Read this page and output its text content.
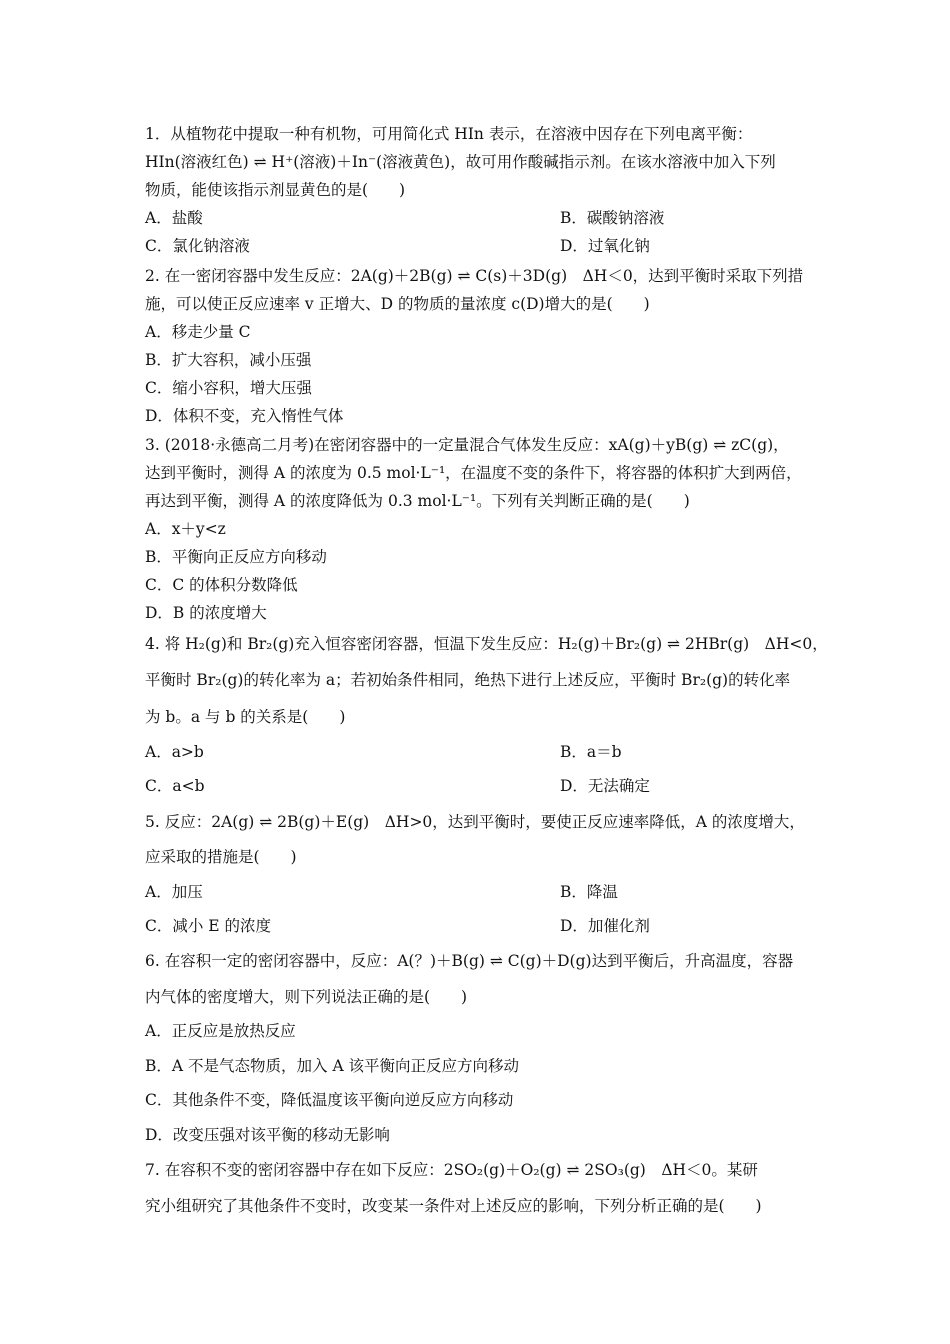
1．从植物花中提取一种有机物，可用简化式 HIn 表示，在溶液中因存在下列电离平衡：
HIn(溶液红色) ⇌ H⁺(溶液)＋In⁻(溶液黄色)，故可用作酸碱指示剂。在该水溶液中加入下列
物质，能使该指示剂显黄色的是(　　)
A．盐酸	B．碳酸钠溶液
C．氯化钠溶液	D．过氧化钠
2. 在一密闭容器中发生反应：2A(g)＋2B(g) ⇌ C(s)＋3D(g)　ΔH＜0，达到平衡时采取下列措
施，可以使正反应速率 v 正增大、D 的物质的量浓度 c(D)增大的是(　　)
A．移走少量 C
B．扩大容积，减小压强
C．缩小容积，增大压强
D．体积不变，充入惰性气体
3. (2018·永德高二月考)在密闭容器中的一定量混合气体发生反应：xA(g)＋yB(g) ⇌ zC(g)，
达到平衡时，测得 A 的浓度为 0.5 mol·L⁻¹，在温度不变的条件下，将容器的体积扩大到两倍，
再达到平衡，测得 A 的浓度降低为 0.3 mol·L⁻¹。下列有关判断正确的是(　　)
A．x＋y<z
B．平衡向正反应方向移动
C．C 的体积分数降低
D．B 的浓度增大
4. 将 H₂(g)和 Br₂(g)充入恒容密闭容器，恒温下发生反应：H₂(g)＋Br₂(g) ⇌ 2HBr(g)　ΔH<0，
平衡时 Br₂(g)的转化率为 a；若初始条件相同，绝热下进行上述反应，平衡时 Br₂(g)的转化率
为 b。a 与 b 的关系是(　　)
A．a>b	B．a＝b
C．a<b	D．无法确定
5. 反应：2A(g) ⇌ 2B(g)＋E(g)　ΔH>0，达到平衡时，要使正反应速率降低，A 的浓度增大，
应采取的措施是(　　)
A．加压	B．降温
C．减小 E 的浓度	D．加催化剂
6. 在容积一定的密闭容器中，反应：A(？)＋B(g) ⇌ C(g)＋D(g)达到平衡后，升高温度，容器
内气体的密度增大，则下列说法正确的是(　　)
A．正反应是放热反应
B．A 不是气态物质，加入 A 该平衡向正反应方向移动
C．其他条件不变，降低温度该平衡向逆反应方向移动
D．改变压强对该平衡的移动无影响
7. 在容积不变的密闭容器中存在如下反应：2SO₂(g)＋O₂(g) ⇌ 2SO₃(g)　ΔH＜0。某研
究小组研究了其他条件不变时，改变某一条件对上述反应的影响，下列分析正确的是(　　)
